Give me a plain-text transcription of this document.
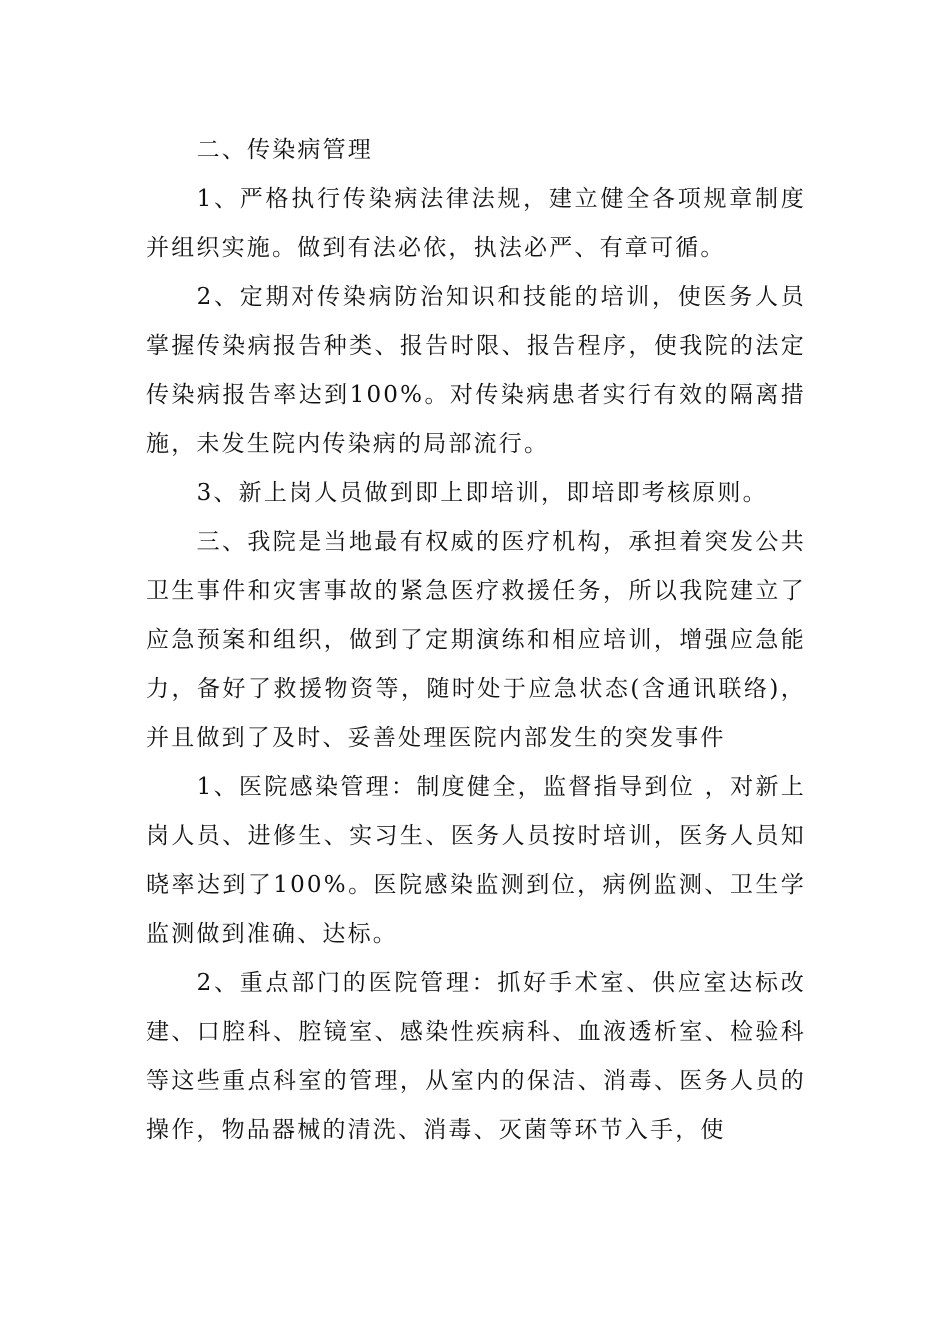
二、传染病管理

1、严格执行传染病法律法规，建立健全各项规章制度并组织实施。做到有法必依，执法必严、有章可循。

2、定期对传染病防治知识和技能的培训，使医务人员掌握传染病报告种类、报告时限、报告程序，使我院的法定传染病报告率达到100%。对传染病患者实行有效的隔离措施，未发生院内传染病的局部流行。

3、新上岗人员做到即上即培训，即培即考核原则。

三、我院是当地最有权威的医疗机构，承担着突发公共卫生事件和灾害事故的紧急医疗救援任务，所以我院建立了应急预案和组织，做到了定期演练和相应培训，增强应急能力，备好了救援物资等，随时处于应急状态(含通讯联络)，并且做到了及时、妥善处理医院内部发生的突发事件

1、医院感染管理：制度健全，监督指导到位 ，对新上岗人员、进修生、实习生、医务人员按时培训，医务人员知晓率达到了100%。医院感染监测到位，病例监测、卫生学监测做到准确、达标。

2、重点部门的医院管理：抓好手术室、供应室达标改建、口腔科、腔镜室、感染性疾病科、血液透析室、检验科等这些重点科室的管理，从室内的保洁、消毒、医务人员的操作，物品器械的清洗、消毒、灭菌等环节入手，使
